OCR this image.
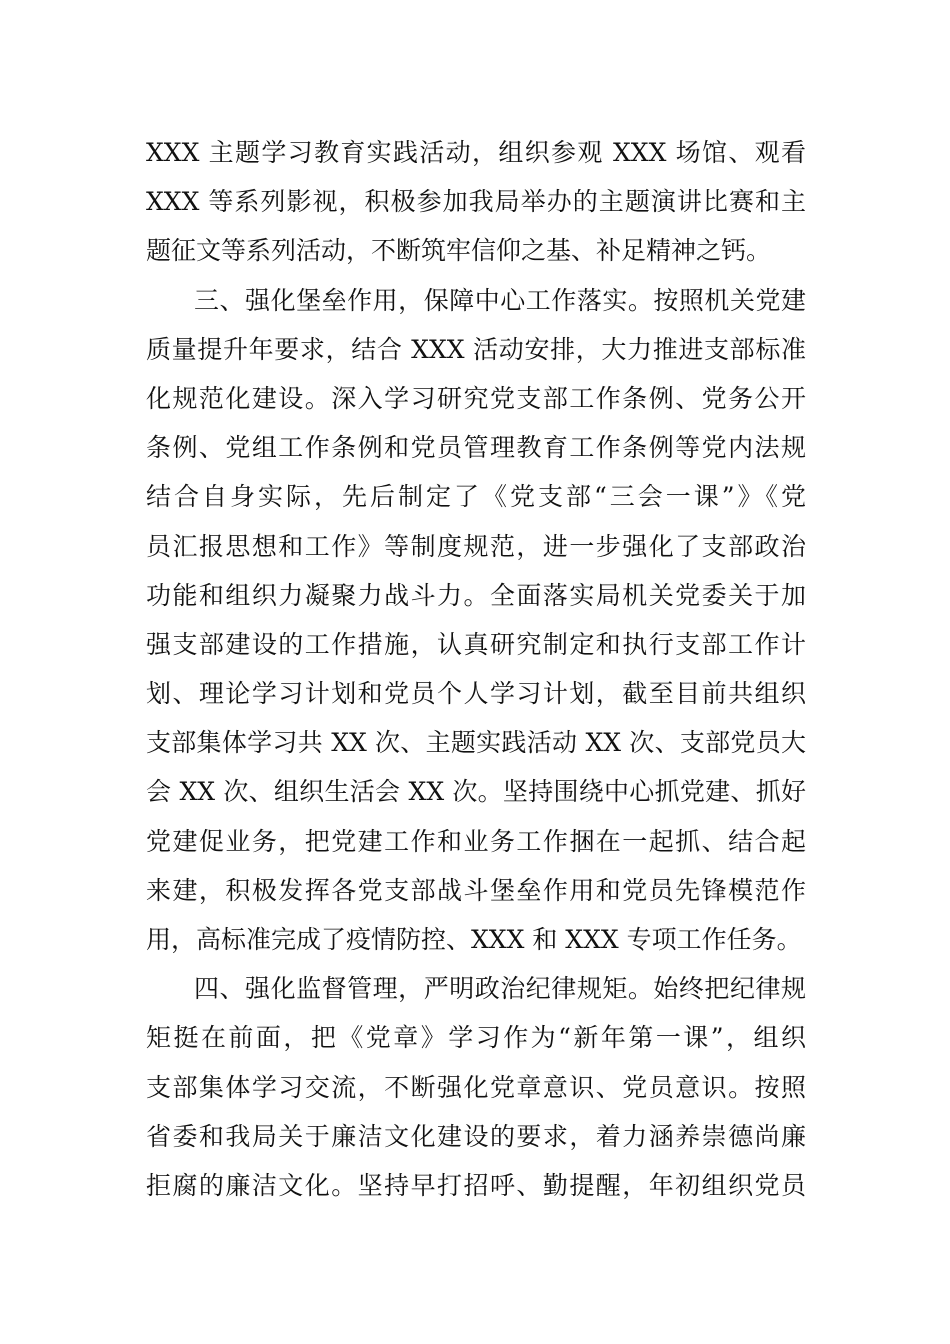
XXX 主题学习教育实践活动，组织参观 XXX 场馆、观看
XXX 等系列影视，积极参加我局举办的主题演讲比赛和主
题征文等系列活动，不断筑牢信仰之基、补足精神之钙。
三、强化堡垒作用，保障中心工作落实。按照机关党建
质量提升年要求，结合 XXX 活动安排，大力推进支部标准
化规范化建设。深入学习研究党支部工作条例、党务公开
条例、党组工作条例和党员管理教育工作条例等党内法规
结合自身实际，先后制定了《党支部“三会一课”》《党
员汇报思想和工作》等制度规范，进一步强化了支部政治
功能和组织力凝聚力战斗力。全面落实局机关党委关于加
强支部建设的工作措施，认真研究制定和执行支部工作计
划、理论学习计划和党员个人学习计划，截至目前共组织
支部集体学习共 XX 次、主题实践活动 XX 次、支部党员大
会 XX 次、组织生活会 XX 次。坚持围绕中心抓党建、抓好
党建促业务，把党建工作和业务工作捆在一起抓、结合起
来建，积极发挥各党支部战斗堡垒作用和党员先锋模范作
用，高标准完成了疫情防控、XXX 和 XXX 专项工作任务。
四、强化监督管理，严明政治纪律规矩。始终把纪律规
矩挺在前面，把《党章》学习作为“新年第一课”，组织
支部集体学习交流，不断强化党章意识、党员意识。按照
省委和我局关于廉洁文化建设的要求，着力涵养崇德尚廉
拒腐的廉洁文化。坚持早打招呼、勤提醒，年初组织党员
